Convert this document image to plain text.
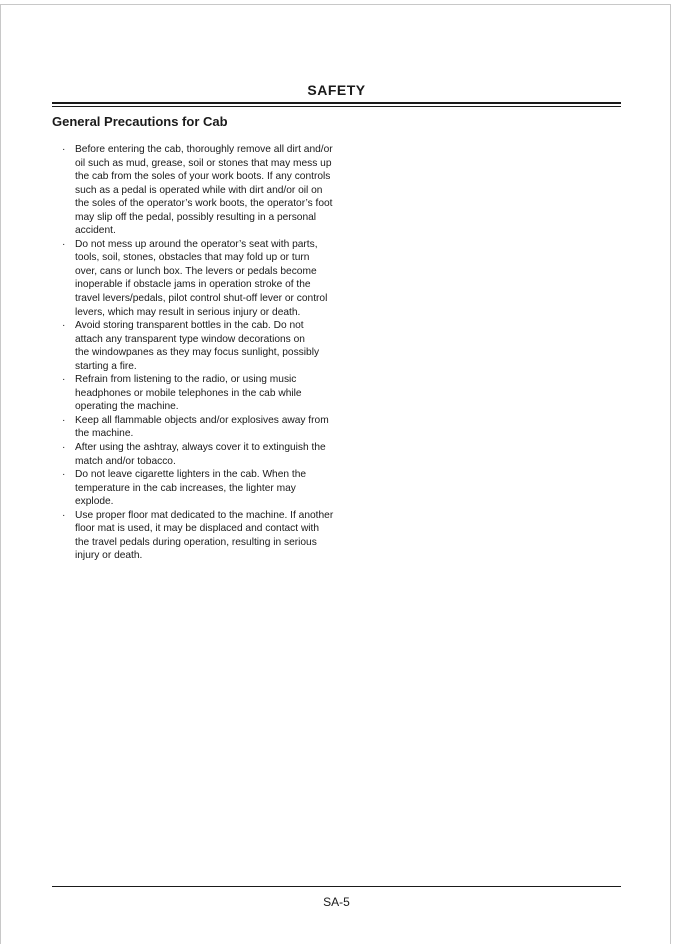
SAFETY
General Precautions for Cab
· Before entering the cab, thoroughly remove all dirt and/or
oil such as mud, grease, soil or stones that may mess up
the cab from the soles of your work boots. If any controls
such as a pedal is operated while with dirt and/or oil on
the soles of the operator’s work boots, the operator’s foot
may slip off the pedal, possibly resulting in a personal
accident.
· Do not mess up around the operator’s seat with parts,
tools, soil, stones, obstacles that may fold up or turn
over, cans or lunch box. The levers or pedals become
inoperable if obstacle jams in operation stroke of the
travel levers/pedals, pilot control shut-off lever or control
levers, which may result in serious injury or death.
· Avoid storing transparent bottles in the cab. Do not
attach any transparent type window decorations on
the windowpanes as they may focus sunlight, possibly
starting a fire.
· Refrain from listening to the radio, or using music
headphones or mobile telephones in the cab while
operating the machine.
· Keep all flammable objects and/or explosives away from
the machine.
· After using the ashtray, always cover it to extinguish the
match and/or tobacco.
· Do not leave cigarette lighters in the cab. When the
temperature in the cab increases, the lighter may
explode.
· Use proper floor mat dedicated to the machine. If another
floor mat is used, it may be displaced and contact with
the travel pedals during operation, resulting in serious
injury or death.
SA-5
